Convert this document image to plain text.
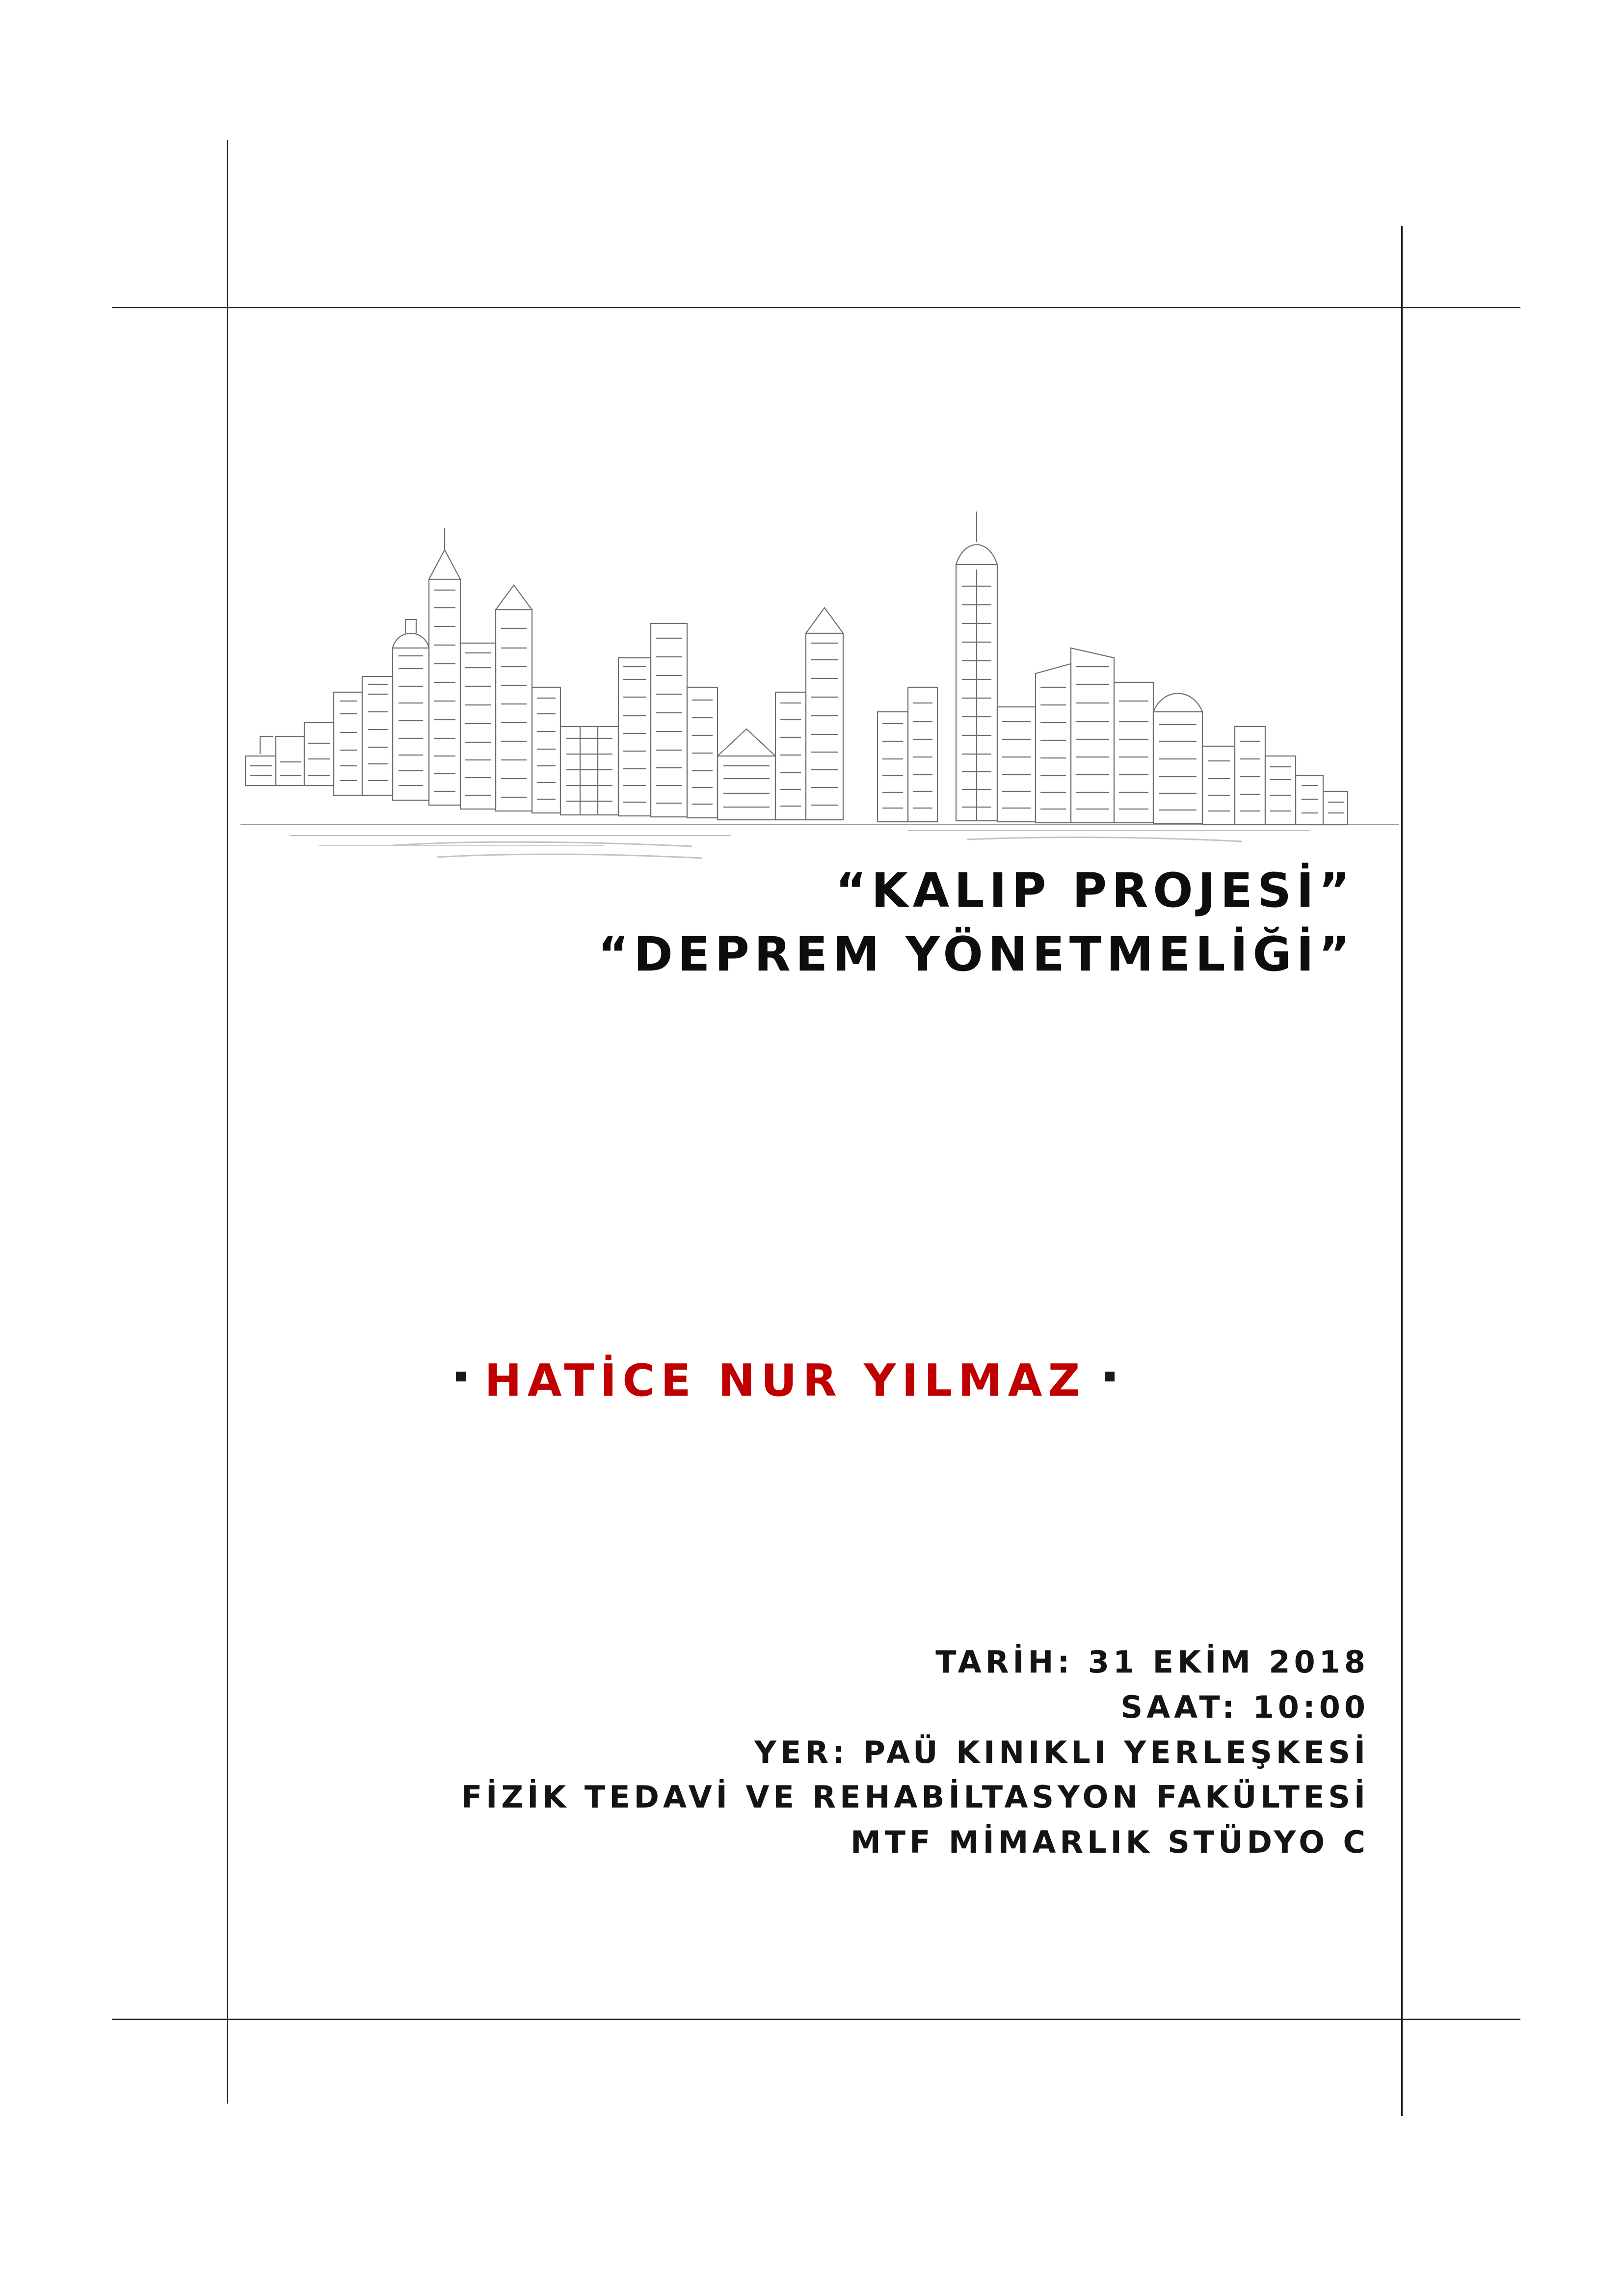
“KALIP PROJESİ”
“DEPREM YÖNETMELİĞİ”
HATİCE NUR YILMAZ
TARİH: 31 EKİM 2018
SAAT: 10:00
YER: PAÜ KINIKLI YERLEŞKESİ
FİZİK TEDAVİ VE REHABİLTASYON FAKÜLTESİ
MTF MİMARLIK STÜDYO C
